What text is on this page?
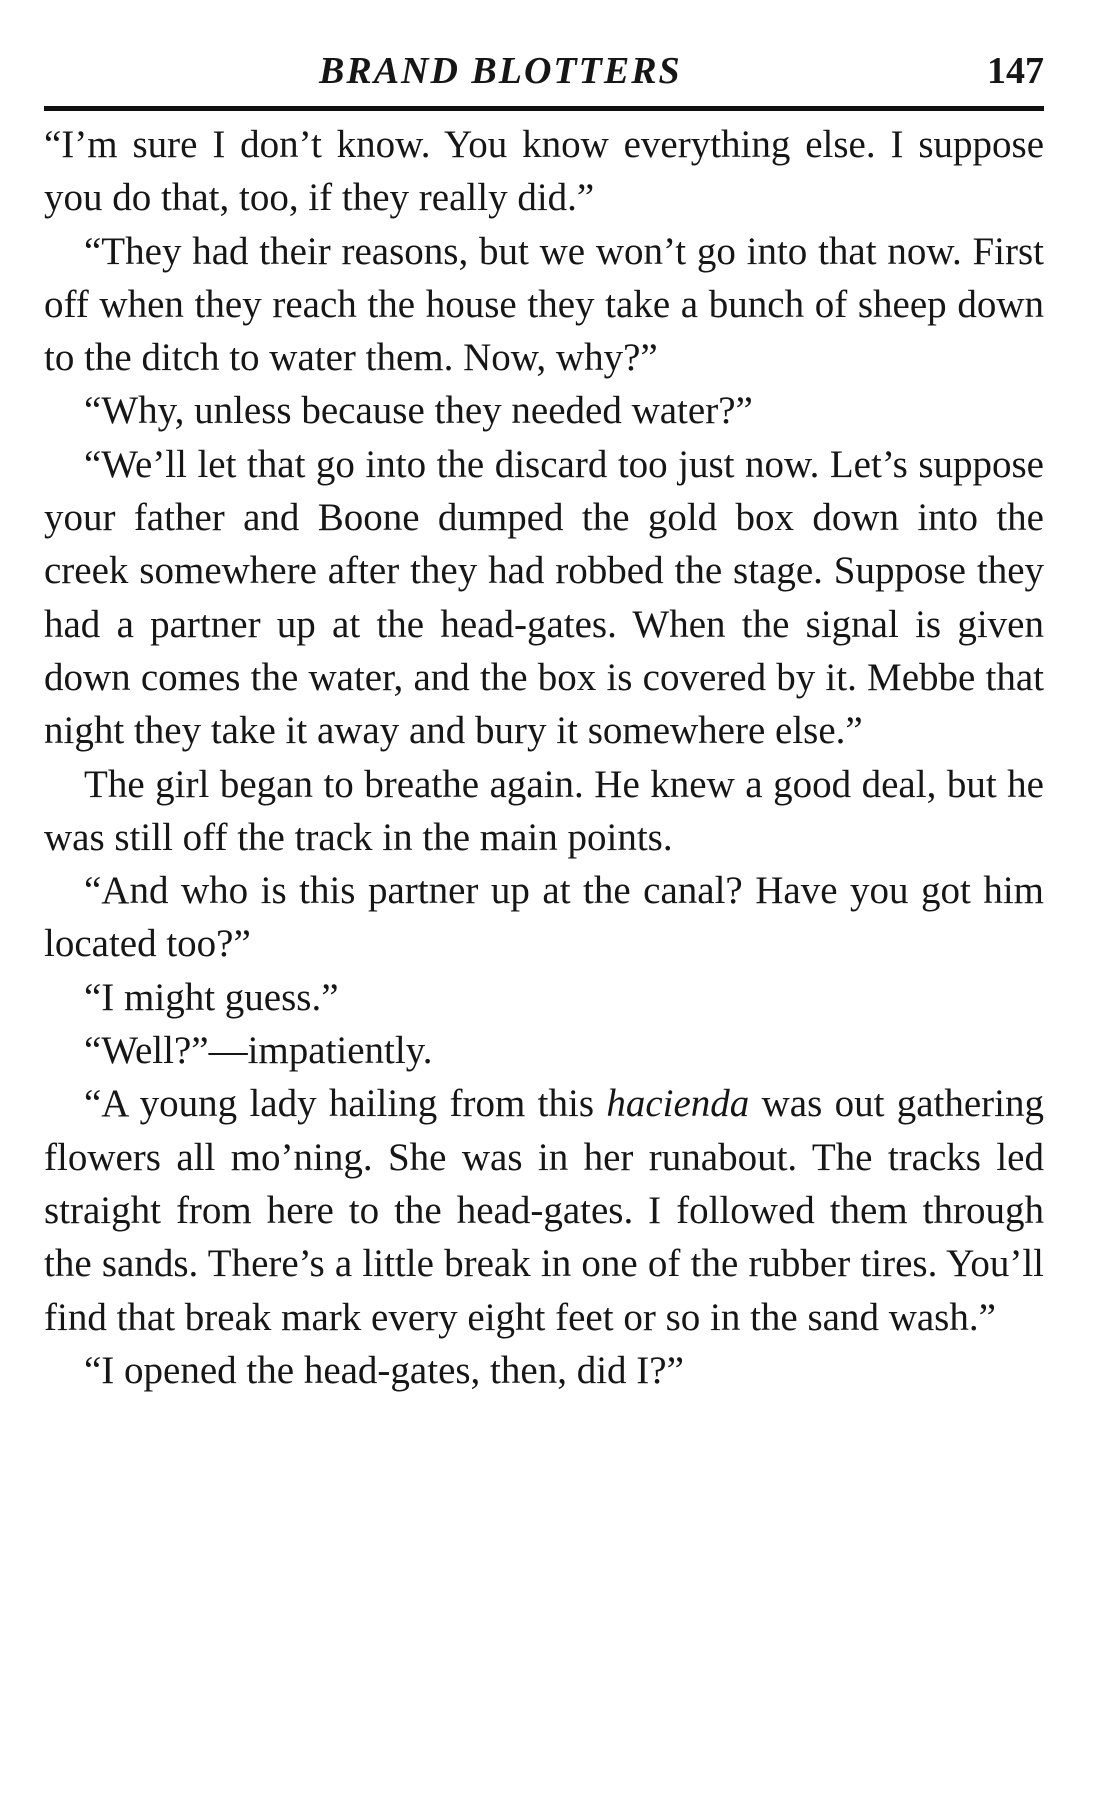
BRAND BLOTTERS	147

“I’m sure I don’t know. You know everything else. I suppose you do that, too, if they really did.”

“They had their reasons, but we won’t go into that now. First off when they reach the house they take a bunch of sheep down to the ditch to water them. Now, why?”

“Why, unless because they needed water?”

“We’ll let that go into the discard too just now. Let’s suppose your father and Boone dumped the gold box down into the creek somewhere after they had robbed the stage. Suppose they had a partner up at the head-gates. When the signal is given down comes the water, and the box is covered by it. Mebbe that night they take it away and bury it somewhere else.”

The girl began to breathe again. He knew a good deal, but he was still off the track in the main points.

“And who is this partner up at the canal? Have you got him located too?”

“I might guess.”

“Well?”—impatiently.

“A young lady hailing from this hacienda was out gathering flowers all mo’ning. She was in her runabout. The tracks led straight from here to the head-gates. I followed them through the sands. There’s a little break in one of the rubber tires. You’ll find that break mark every eight feet or so in the sand wash.”

“I opened the head-gates, then, did I?”
